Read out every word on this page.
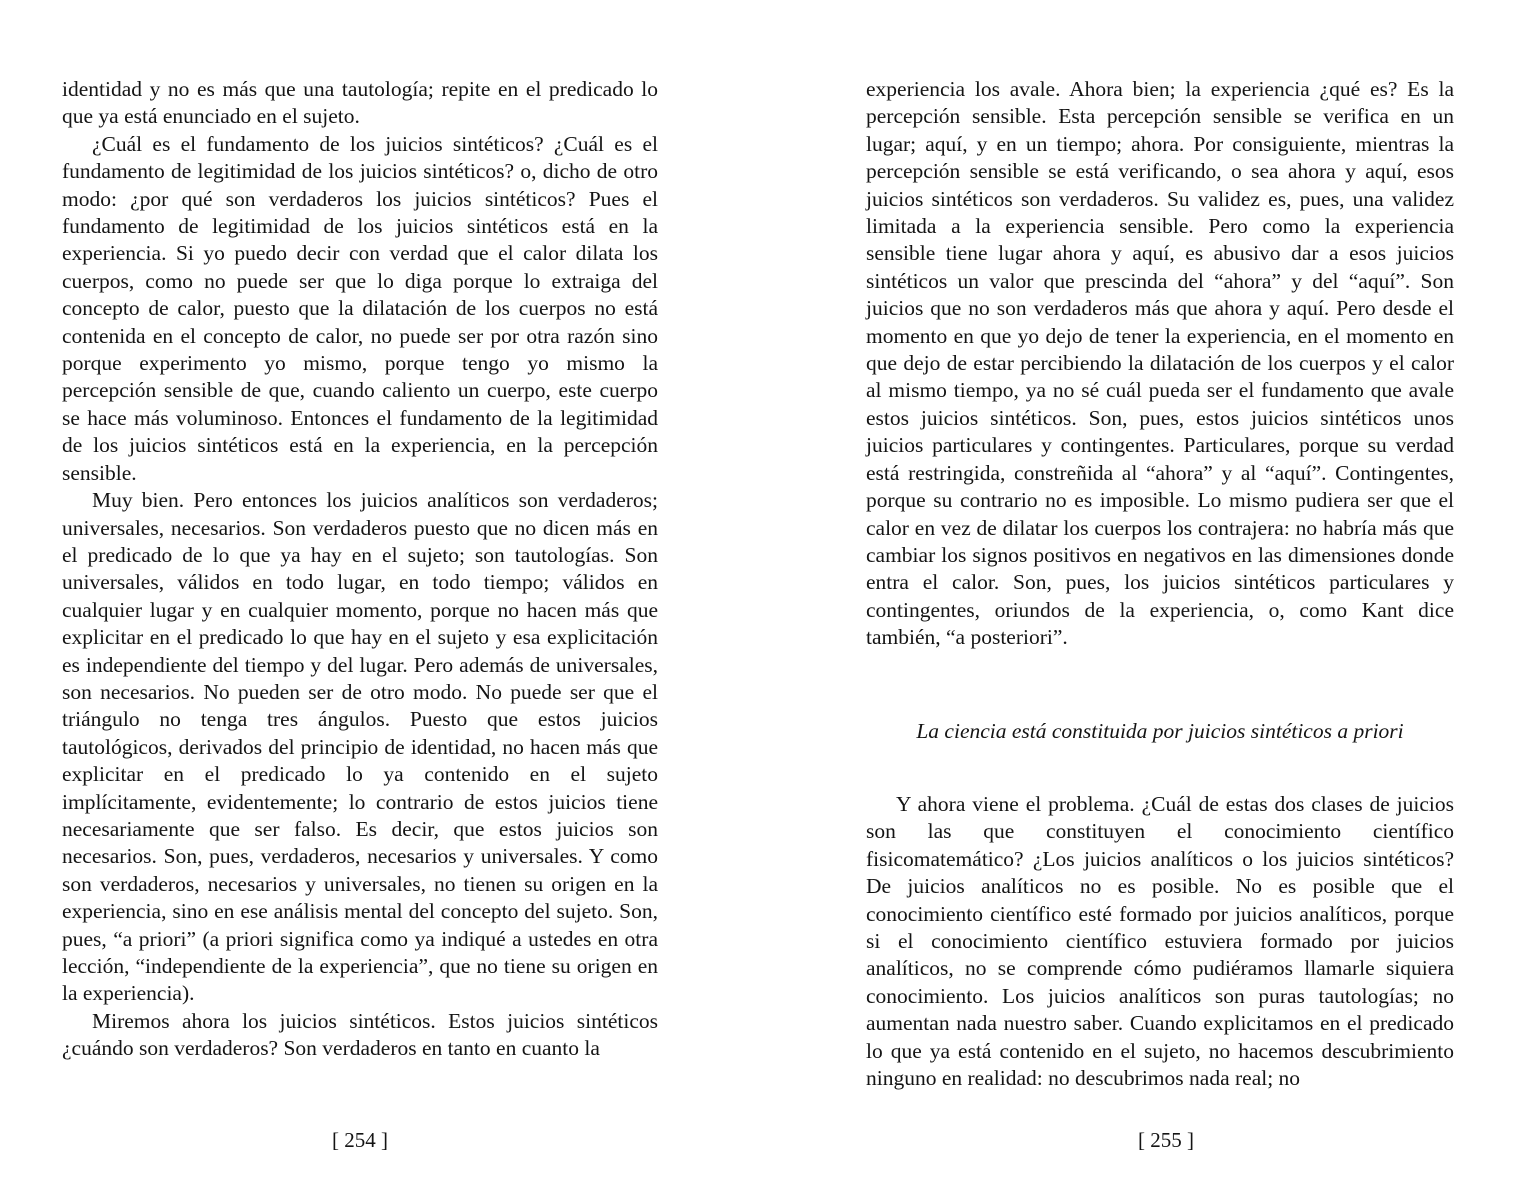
identidad y no es más que una tautología; repite en el predicado lo que ya está enunciado en el sujeto.

¿Cuál es el fundamento de los juicios sintéticos? ¿Cuál es el fundamento de legitimidad de los juicios sintéticos? o, dicho de otro modo: ¿por qué son verdaderos los juicios sintéticos? Pues el fundamento de legitimidad de los juicios sintéticos está en la experiencia. Si yo puedo decir con verdad que el calor dilata los cuerpos, como no puede ser que lo diga porque lo extraiga del concepto de calor, puesto que la dilatación de los cuerpos no está contenida en el concepto de calor, no puede ser por otra razón sino porque experimento yo mismo, porque tengo yo mismo la percepción sensible de que, cuando caliento un cuerpo, este cuerpo se hace más voluminoso. Entonces el fundamento de la legitimidad de los juicios sintéticos está en la experiencia, en la percepción sensible.

Muy bien. Pero entonces los juicios analíticos son verdaderos; universales, necesarios. Son verdaderos puesto que no dicen más en el predicado de lo que ya hay en el sujeto; son tautologías. Son universales, válidos en todo lugar, en todo tiempo; válidos en cualquier lugar y en cualquier momento, porque no hacen más que explicitar en el predicado lo que hay en el sujeto y esa explicitación es independiente del tiempo y del lugar. Pero además de universales, son necesarios. No pueden ser de otro modo. No puede ser que el triángulo no tenga tres ángulos. Puesto que estos juicios tautológicos, derivados del principio de identidad, no hacen más que explicitar en el predicado lo ya contenido en el sujeto implícitamente, evidentemente; lo contrario de estos juicios tiene necesariamente que ser falso. Es decir, que estos juicios son necesarios. Son, pues, verdaderos, necesarios y universales. Y como son verdaderos, necesarios y universales, no tienen su origen en la experiencia, sino en ese análisis mental del concepto del sujeto. Son, pues, “a priori” (a priori significa como ya indiqué a ustedes en otra lección, “independiente de la experiencia”, que no tiene su origen en la experiencia).

Miremos ahora los juicios sintéticos. Estos juicios sintéticos ¿cuándo son verdaderos? Son verdaderos en tanto en cuanto la

[ 254 ]

experiencia los avale. Ahora bien; la experiencia ¿qué es? Es la percepción sensible. Esta percepción sensible se verifica en un lugar; aquí, y en un tiempo; ahora. Por consiguiente, mientras la percepción sensible se está verificando, o sea ahora y aquí, esos juicios sintéticos son verdaderos. Su validez es, pues, una validez limitada a la experiencia sensible. Pero como la experiencia sensible tiene lugar ahora y aquí, es abusivo dar a esos juicios sintéticos un valor que prescinda del “ahora” y del “aquí”. Son juicios que no son verdaderos más que ahora y aquí. Pero desde el momento en que yo dejo de tener la experiencia, en el momento en que dejo de estar percibiendo la dilatación de los cuerpos y el calor al mismo tiempo, ya no sé cuál pueda ser el fundamento que avale estos juicios sintéticos. Son, pues, estos juicios sintéticos unos juicios particulares y contingentes. Particulares, porque su verdad está restringida, constreñida al “ahora” y al “aquí”. Contingentes, porque su contrario no es imposible. Lo mismo pudiera ser que el calor en vez de dilatar los cuerpos los contrajera: no habría más que cambiar los signos positivos en negativos en las dimensiones donde entra el calor. Son, pues, los juicios sintéticos particulares y contingentes, oriundos de la experiencia, o, como Kant dice también, “a posteriori”.

La ciencia está constituida por juicios sintéticos a priori

Y ahora viene el problema. ¿Cuál de estas dos clases de juicios son las que constituyen el conocimiento científico fisicomatemático? ¿Los juicios analíticos o los juicios sintéticos? De juicios analíticos no es posible. No es posible que el conocimiento científico esté formado por juicios analíticos, porque si el conocimiento científico estuviera formado por juicios analíticos, no se comprende cómo pudiéramos llamarle siquiera conocimiento. Los juicios analíticos son puras tautologías; no aumentan nada nuestro saber. Cuando explicitamos en el predicado lo que ya está contenido en el sujeto, no hacemos descubrimiento ninguno en realidad: no descubrimos nada real; no

[ 255 ]
